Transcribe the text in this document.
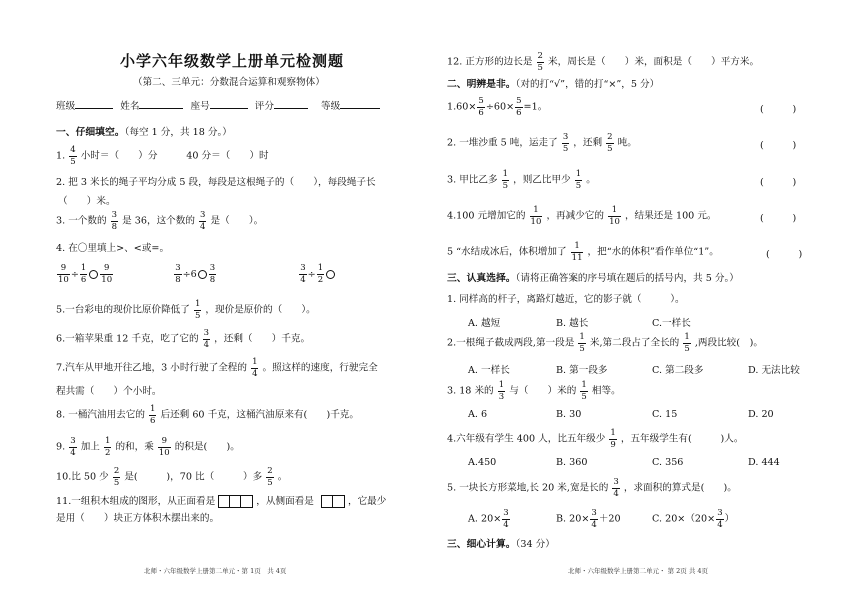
小学六年级数学上册单元检测题
（第二、三单元：分数混合运算和观察物体）
班级	姓名	座号	评分	等级
一、仔细填空。（每空 1 分，共 18 分。）
1. $\frac{4}{5}$ 小时＝（　　）分　　　40 分＝（　　）时
2. 把 3 米长的绳子平均分成 5 段，每段是这根绳子的（　　），每段绳子长
（　　）米。
3. 一个数的 $\frac{3}{8}$ 是 36，这个数的 $\frac{3}{4}$ 是（　　）。
4. 在〇里填上>、<或=。
$\frac{9}{10} \div \frac{1}{6} \frac{9}{10}$
	$\frac{3}{8} \div 6 \frac{3}{8}$
	$\frac{3}{4} \div \frac{1}{2}$
5.一台彩电的现价比原价降低了 $\frac{1}{5}$ ，现价是原价的（　　）。
6.一箱苹果重 12 千克，吃了它的 $\frac{3}{4}$ ，还剩（　　）千克。
7.汽车从甲地开往乙地，3 小时行驶了全程的 $\frac{1}{4}$ 。照这样的速度，行驶完全
程共需（　　）个小时。
8. 一桶汽油用去它的 $\frac{1}{6}$ 后还剩 60 千克，这桶汽油原来有(　　)千克。
9. $\frac{3}{4}$ 加上 $\frac{1}{2}$ 的和，乘 $\frac{9}{10}$ 的积是(　　)。
10.比 50 少 $\frac{2}{5}$ 是(　　　)，70 比（　　　）多 $\frac{2}{5}$ 。
11.一组积木组成的图形，从正面看是	，从侧面看是	，它最少
是用（　　）块正方体积木摆出来的。
北师・六年级数学上册第二单元・第 1页　共 4页
12. 正方形的边长是 $\frac{2}{5}$ 米，周长是（　　）米，面积是（　　）平方米。
二、明辨是非。（对的打“√”，错的打“×”，5 分）
$1.60\times \frac{5}{6} \div 60\times \frac{5}{6} =1$。	(　　　)
2. 一堆沙重 5 吨，运走了 $\frac{3}{5}$ ，还剩 $\frac{2}{5}$ 吨。	(　　　)
3. 甲比乙多 $\frac{1}{5}$ ，则乙比甲少 $\frac{1}{5}$ 。	(　　　)
4.100 元增加它的 $\frac{1}{10}$ ，再减少它的 $\frac{1}{10}$ ，结果还是 100 元。	(　　　)
5 “水结成冰后，体积增加了 $\frac{1}{11}$ ，把“水的体积”看作单位“1”。	(　　　)
三、认真选择。（请将正确答案的序号填在题后的括号内，共 5 分。）
1. 同样高的杆子，离路灯越近，它的影子就（　　　）。
A. 越短	B. 越长	C.一样长
2.一根绳子截成两段,第一段是 $\frac{1}{5}$ 米,第二段占了全长的 $\frac{1}{5}$ ,两段比较(　)。
A. 一样长	B. 第一段多	C. 第二段多	D. 无法比较
3. 18 米的 $\frac{1}{3}$ 与（　　）米的 $\frac{1}{5}$ 相等。
A. 6	B. 30	C. 15	D. 20
4.六年级有学生 400 人，比五年级少 $\frac{1}{9}$ ，五年级学生有(　　　)人。
A.450	B. 360	C. 356	D. 444
5. 一块长方形菜地,长 20 米,宽是长的 $\frac{3}{4}$ ，求面积的算式是(　　)。
A. $20\times \frac{3}{4}$	B. $20\times \frac{3}{4} +20$	C. $20\times(20\times \frac{3}{4}$ ）
三、细心计算。（34 分）
北师・六年级数学上册第二单元・ 第 2页 共 4页
